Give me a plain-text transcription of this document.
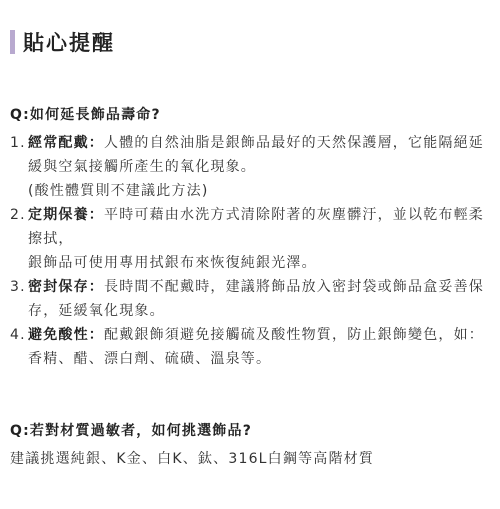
貼心提醒
Q:如何延長飾品壽命?
1. 經常配戴：人體的自然油脂是銀飾品最好的天然保護層，它能隔絕延緩與空氣接觸所產生的氧化現象。
(酸性體質則不建議此方法)
2. 定期保養：平時可藉由水洗方式清除附著的灰塵髒汙，並以乾布輕柔擦拭，
銀飾品可使用專用拭銀布來恢復純銀光澤。
3. 密封保存：長時間不配戴時，建議將飾品放入密封袋或飾品盒妥善保存，延緩氧化現象。
4. 避免酸性：配戴銀飾須避免接觸硫及酸性物質，防止銀飾變色，如：香精、醋、漂白劑、硫磺、溫泉等。
Q:若對材質過敏者，如何挑選飾品?
建議挑選純銀、K金、白K、鈦、316L白鋼等高階材質
